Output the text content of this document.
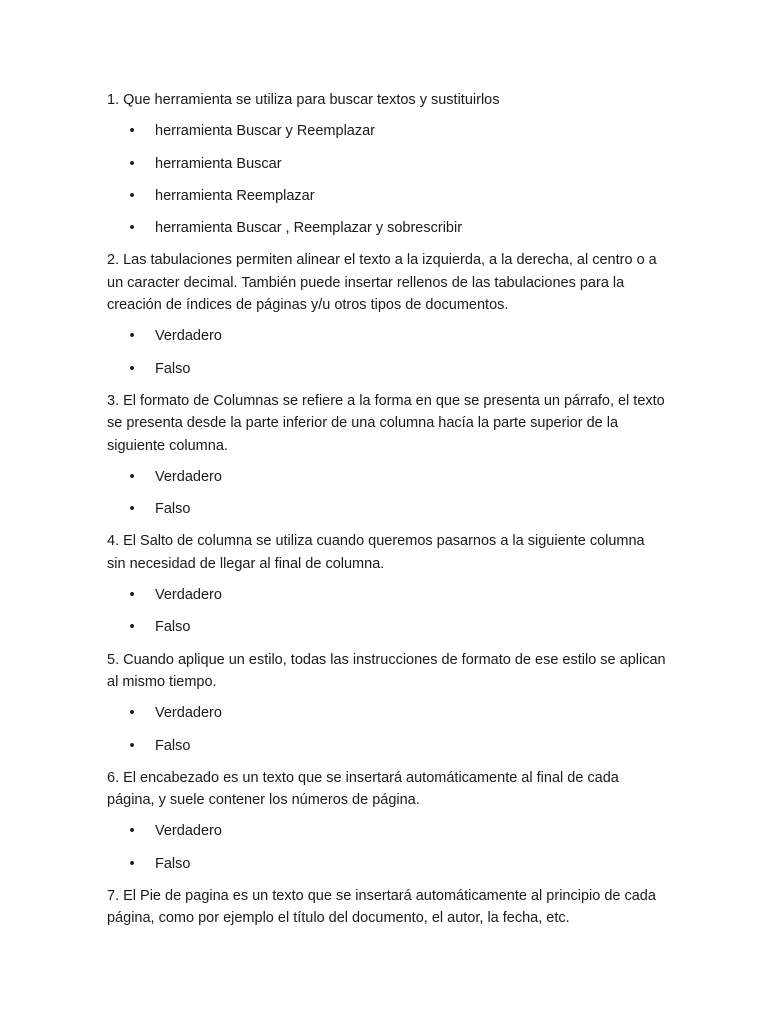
1. Que herramienta se utiliza para buscar textos y sustituirlos

• herramienta Buscar y Reemplazar
• herramienta Buscar
• herramienta Reemplazar
• herramienta Buscar , Reemplazar y sobrescribir

2. Las tabulaciones permiten alinear el texto a la izquierda, a la derecha, al centro o a un caracter decimal. También puede insertar rellenos de las tabulaciones para la creación de índices de páginas y/u otros tipos de documentos.

• Verdadero
• Falso

3. El formato de Columnas se refiere a la forma en que se presenta un párrafo, el texto se presenta desde la parte inferior de una columna hacía la parte superior de la siguiente columna.

• Verdadero
• Falso

4. El Salto de columna se utiliza cuando queremos pasarnos a la siguiente columna sin necesidad de llegar al final de columna.

• Verdadero
• Falso

5. Cuando aplique un estilo, todas las instrucciones de formato de ese estilo se aplican al mismo tiempo.

• Verdadero
• Falso

6. El encabezado es un texto que se insertará automáticamente al final de cada página, y suele contener los números de página.

• Verdadero
• Falso

7. El Pie de pagina es un texto que se insertará automáticamente al principio de cada página, como por ejemplo el título del documento, el autor, la fecha, etc.
